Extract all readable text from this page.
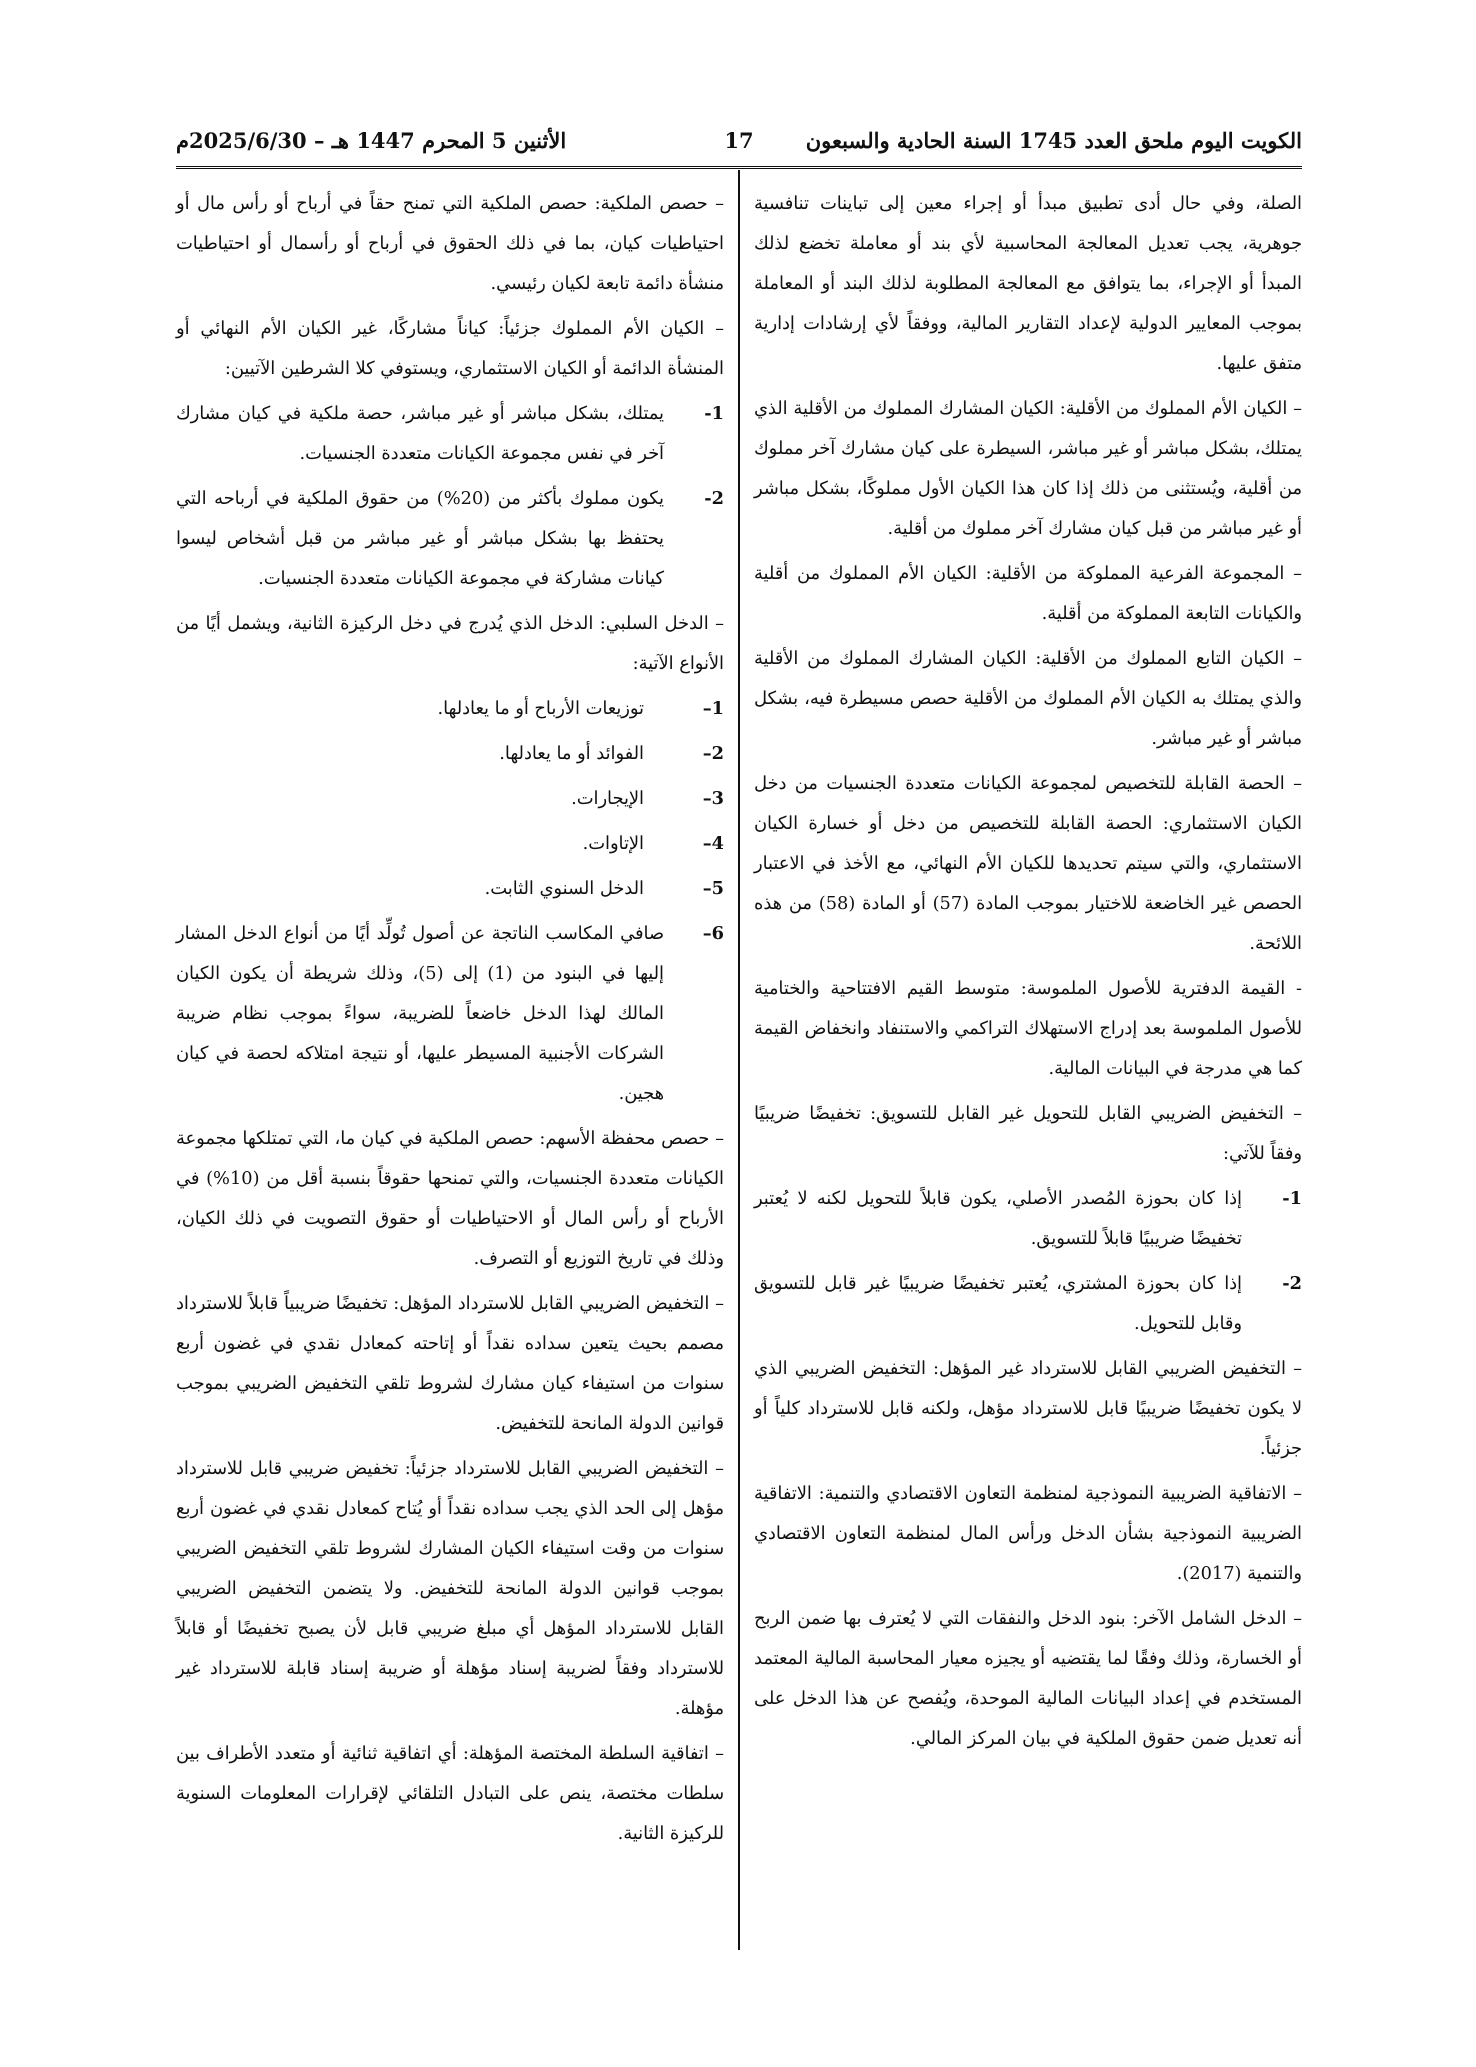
الكويت اليوم ملحق العدد 1745 السنة الحادية والسبعون
17
الأثنين 5 المحرم 1447 هـ – 2025/6/30م

الصلة، وفي حال أدى تطبيق مبدأ أو إجراء معين إلى تباينات تنافسية جوهرية، يجب تعديل المعالجة المحاسبية لأي بند أو معاملة تخضع لذلك المبدأ أو الإجراء، بما يتوافق مع المعالجة المطلوبة لذلك البند أو المعاملة بموجب المعايير الدولية لإعداد التقارير المالية، ووفقاً لأي إرشادات إدارية متفق عليها.

– الكيان الأم المملوك من الأقلية: الكيان المشارك المملوك من الأقلية الذي يمتلك، بشكل مباشر أو غير مباشر، السيطرة على كيان مشارك آخر مملوك من أقلية، ويُستثنى من ذلك إذا كان هذا الكيان الأول مملوكًا، بشكل مباشر أو غير مباشر من قبل كيان مشارك آخر مملوك من أقلية.

– المجموعة الفرعية المملوكة من الأقلية: الكيان الأم المملوك من أقلية والكيانات التابعة المملوكة من أقلية.

– الكيان التابع المملوك من الأقلية: الكيان المشارك المملوك من الأقلية والذي يمتلك به الكيان الأم المملوك من الأقلية حصص مسيطرة فيه، بشكل مباشر أو غير مباشر.

– الحصة القابلة للتخصيص لمجموعة الكيانات متعددة الجنسيات من دخل الكيان الاستثماري: الحصة القابلة للتخصيص من دخل أو خسارة الكيان الاستثماري، والتي سيتم تحديدها للكيان الأم النهائي، مع الأخذ في الاعتبار الحصص غير الخاضعة للاختيار بموجب المادة (57) أو المادة (58) من هذه اللائحة.

- القيمة الدفترية للأصول الملموسة: متوسط القيم الافتتاحية والختامية للأصول الملموسة بعد إدراج الاستهلاك التراكمي والاستنفاد وانخفاض القيمة كما هي مدرجة في البيانات المالية.

– التخفيض الضريبي القابل للتحويل غير القابل للتسويق: تخفيضًا ضريبيًا وفقاً للآتي:

1-
إذا كان بحوزة المُصدر الأصلي، يكون قابلاً للتحويل لكنه لا يُعتبر تخفيضًا ضريبيًا قابلاً للتسويق.
2-
إذا كان بحوزة المشتري، يُعتبر تخفيضًا ضريبيًا غير قابل للتسويق وقابل للتحويل.

– التخفيض الضريبي القابل للاسترداد غير المؤهل: التخفيض الضريبي الذي لا يكون تخفيضًا ضريبيًا قابل للاسترداد مؤهل، ولكنه قابل للاسترداد كلياً أو جزئياً.

– الاتفاقية الضريبية النموذجية لمنظمة التعاون الاقتصادي والتنمية: الاتفاقية الضريبية النموذجية بشأن الدخل ورأس المال لمنظمة التعاون الاقتصادي والتنمية (2017).

– الدخل الشامل الآخر: بنود الدخل والنفقات التي لا يُعترف بها ضمن الربح أو الخسارة، وذلك وفقًا لما يقتضيه أو يجيزه معيار المحاسبة المالية المعتمد المستخدم في إعداد البيانات المالية الموحدة، ويُفصح عن هذا الدخل على أنه تعديل ضمن حقوق الملكية في بيان المركز المالي.

– حصص الملكية: حصص الملكية التي تمنح حقاً في أرباح أو رأس مال أو احتياطيات كيان، بما في ذلك الحقوق في أرباح أو رأسمال أو احتياطيات منشأة دائمة تابعة لكيان رئيسي.

– الكيان الأم المملوك جزئياً: كياناً مشاركًا، غير الكيان الأم النهائي أو المنشأة الدائمة أو الكيان الاستثماري، ويستوفي كلا الشرطين الآتيين:

1-
يمتلك، بشكل مباشر أو غير مباشر، حصة ملكية في كيان مشارك آخر في نفس مجموعة الكيانات متعددة الجنسيات.
2-
يكون مملوك بأكثر من (20%) من حقوق الملكية في أرباحه التي يحتفظ بها بشكل مباشر أو غير مباشر من قبل أشخاص ليسوا كيانات مشاركة في مجموعة الكيانات متعددة الجنسيات.

– الدخل السلبي: الدخل الذي يُدرج في دخل الركيزة الثانية، ويشمل أيًا من الأنواع الآتية:

1–
توزيعات الأرباح أو ما يعادلها.
2–
الفوائد أو ما يعادلها.
3–
الإيجارات.
4–
الإتاوات.
5–
الدخل السنوي الثابت.
6–
صافي المكاسب الناتجة عن أصول تُولِّد أيًا من أنواع الدخل المشار إليها في البنود من (1) إلى (5)، وذلك شريطة أن يكون الكيان المالك لهذا الدخل خاضعاً للضريبة، سواءً بموجب نظام ضريبة الشركات الأجنبية المسيطر عليها، أو نتيجة امتلاكه لحصة في كيان هجين.

– حصص محفظة الأسهم: حصص الملكية في كيان ما، التي تمتلكها مجموعة الكيانات متعددة الجنسيات، والتي تمنحها حقوقاً بنسبة أقل من (10%) في الأرباح أو رأس المال أو الاحتياطيات أو حقوق التصويت في ذلك الكيان، وذلك في تاريخ التوزيع أو التصرف.

– التخفيض الضريبي القابل للاسترداد المؤهل: تخفيضًا ضريبياً قابلاً للاسترداد مصمم بحيث يتعين سداده نقداً أو إتاحته كمعادل نقدي في غضون أربع سنوات من استيفاء كيان مشارك لشروط تلقي التخفيض الضريبي بموجب قوانين الدولة المانحة للتخفيض.

– التخفيض الضريبي القابل للاسترداد جزئياً: تخفيض ضريبي قابل للاسترداد مؤهل إلى الحد الذي يجب سداده نقداً أو يُتاح كمعادل نقدي في غضون أربع سنوات من وقت استيفاء الكيان المشارك لشروط تلقي التخفيض الضريبي بموجب قوانين الدولة المانحة للتخفيض. ولا يتضمن التخفيض الضريبي القابل للاسترداد المؤهل أي مبلغ ضريبي قابل لأن يصبح تخفيضًا أو قابلاً للاسترداد وفقاً لضريبة إسناد مؤهلة أو ضريبة إسناد قابلة للاسترداد غير مؤهلة.

– اتفاقية السلطة المختصة المؤهلة: أي اتفاقية ثنائية أو متعدد الأطراف بين سلطات مختصة، ينص على التبادل التلقائي لإقرارات المعلومات السنوية للركيزة الثانية.
